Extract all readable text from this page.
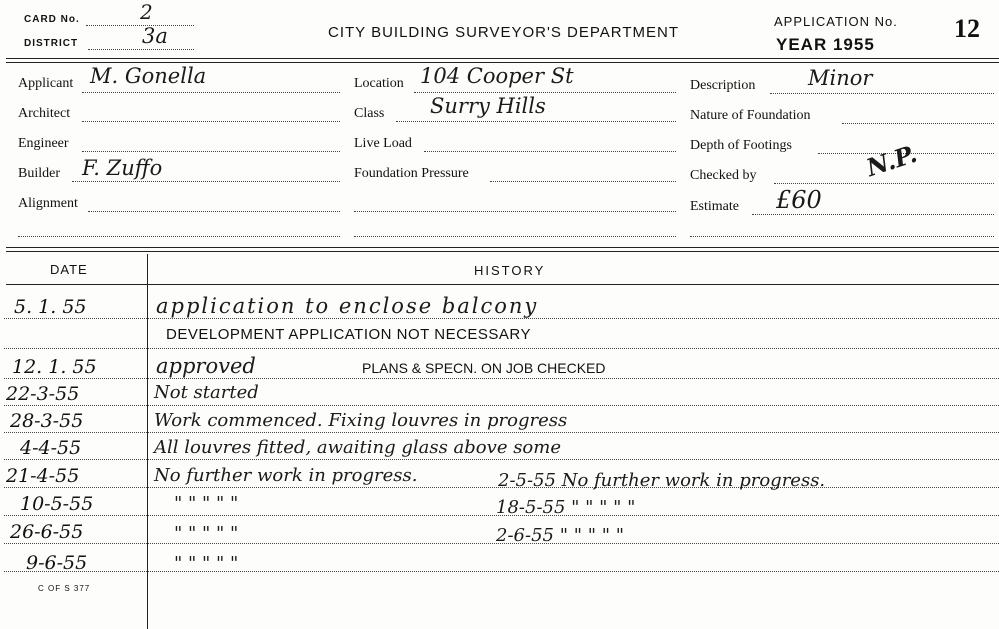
CARD No.	2
DISTRICT	3a	CITY BUILDING SURVEYOR'S DEPARTMENT
APPLICATION No.
YEAR 1955
12
Applicant M. Gonella
Architect
Engineer
Builder F. Zuffo
Alignment
Location 104 Cooper St
Class Surry Hills
Live Load
Foundation Pressure
Description	Minor
Nature of Foundation
Depth of Footings
Checked by	N.P.
Estimate £60
DATE	HISTORY
5. 1. 55	application to enclose balcony
DEVELOPMENT APPLICATION NOT NECESSARY
12. 1. 55	approved	PLANS & SPECN. ON JOB CHECKED
22-3-55	Not started
28-3-55	Work commenced. Fixing louvres in progress
4-4-55	All louvres fitted, awaiting glass above some
21-4-55	No further work in progress.	2-5-55 No further work in progress.
10-5-55	" " " " "	18-5-55 " " " " "
26-6-55	" " " " "	2-6-55 " " " " "
9-6-55	" " " " "
C OF S 377
